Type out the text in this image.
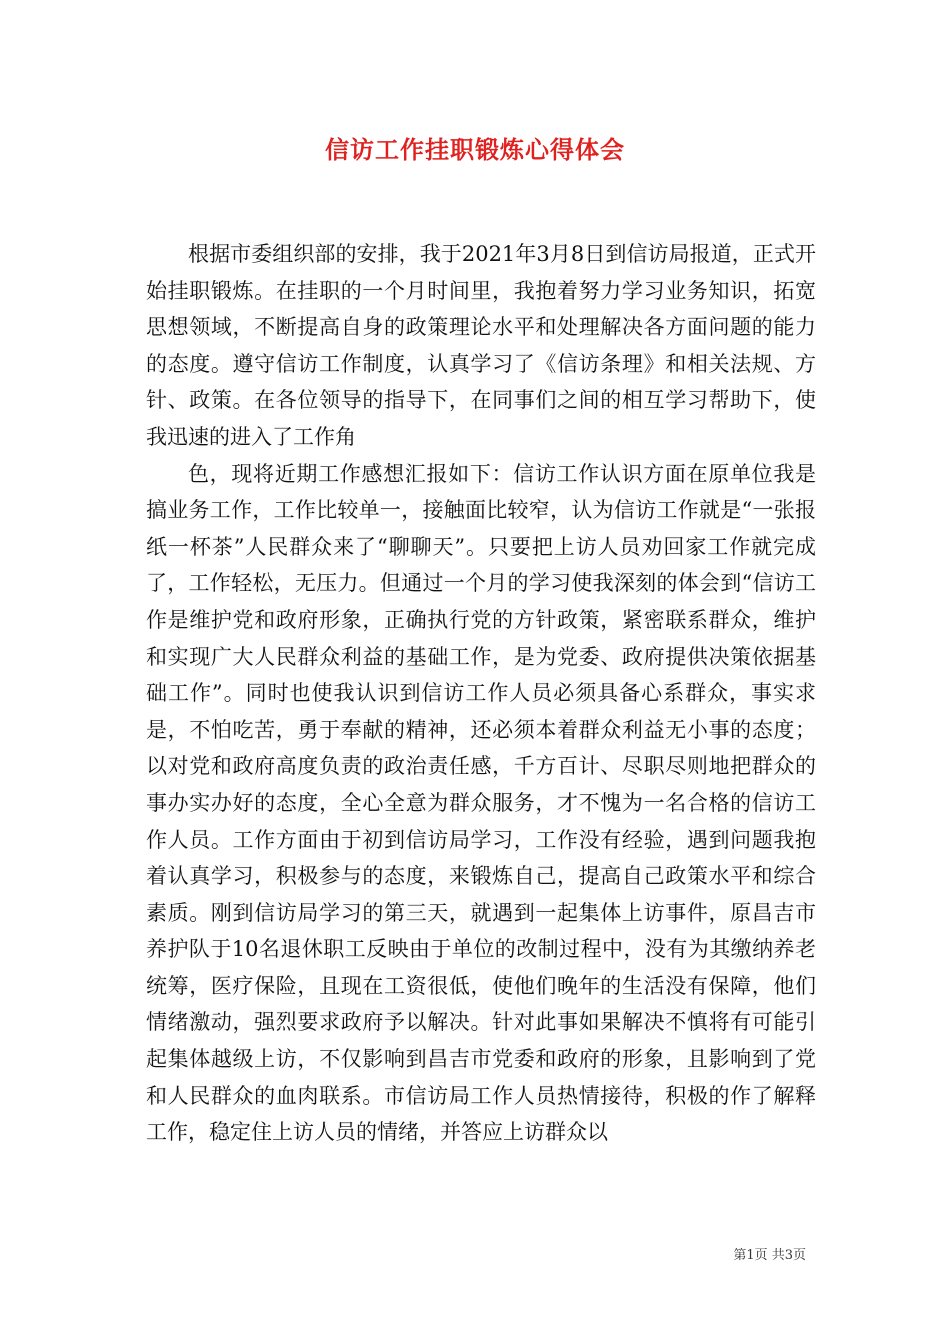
信访工作挂职锻炼心得体会

根据市委组织部的安排，我于2021年3月8日到信访局报道，正式开始挂职锻炼。在挂职的一个月时间里，我抱着努力学习业务知识，拓宽思想领域，不断提高自身的政策理论水平和处理解决各方面问题的能力的态度。遵守信访工作制度，认真学习了《信访条理》和相关法规、方针、政策。在各位领导的指导下，在同事们之间的相互学习帮助下，使我迅速的进入了工作角

色，现将近期工作感想汇报如下：信访工作认识方面在原单位我是搞业务工作，工作比较单一，接触面比较窄，认为信访工作就是“一张报纸一杯茶”人民群众来了“聊聊天”。只要把上访人员劝回家工作就完成了，工作轻松，无压力。但通过一个月的学习使我深刻的体会到“信访工作是维护党和政府形象，正确执行党的方针政策，紧密联系群众，维护和实现广大人民群众利益的基础工作，是为党委、政府提供决策依据基础工作”。同时也使我认识到信访工作人员必须具备心系群众，事实求是，不怕吃苦，勇于奉献的精神，还必须本着群众利益无小事的态度；以对党和政府高度负责的政治责任感，千方百计、尽职尽则地把群众的事办实办好的态度，全心全意为群众服务，才不愧为一名合格的信访工作人员。工作方面由于初到信访局学习，工作没有经验，遇到问题我抱着认真学习，积极参与的态度，来锻炼自己，提高自己政策水平和综合素质。刚到信访局学习的第三天，就遇到一起集体上访事件，原昌吉市养护队于10名退休职工反映由于单位的改制过程中，没有为其缴纳养老统筹，医疗保险，且现在工资很低，使他们晚年的生活没有保障，他们情绪激动，强烈要求政府予以解决。针对此事如果解决不慎将有可能引起集体越级上访，不仅影响到昌吉市党委和政府的形象，且影响到了党和人民群众的血肉联系。市信访局工作人员热情接待，积极的作了解释工作，稳定住上访人员的情绪，并答应上访群众以

第1页 共3页
